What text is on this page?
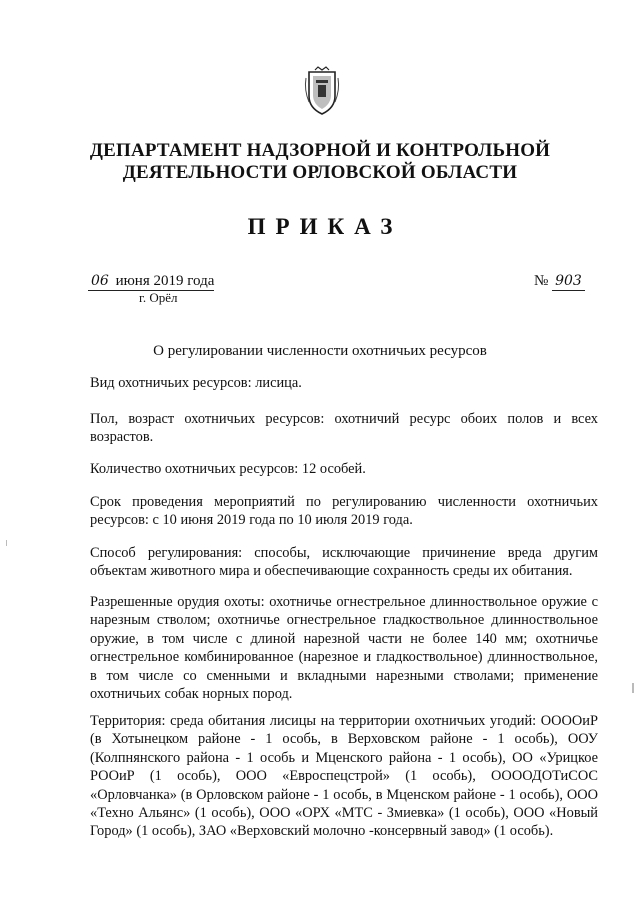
ДЕПАРТАМЕНТ НАДЗОРНОЙ И КОНТРОЛЬНОЙ ДЕЯТЕЛЬНОСТИ ОРЛОВСКОЙ ОБЛАСТИ
ПРИКАЗ
06 июня 2019 года
г. Орёл
№ 903
О регулировании численности охотничьих ресурсов
Вид охотничьих ресурсов: лисица.
Пол, возраст охотничьих ресурсов: охотничий ресурс обоих полов и всех возрастов.
Количество охотничьих ресурсов: 12 особей.
Срок проведения мероприятий по регулированию численности охотничьих ресурсов: с 10 июня 2019 года по 10 июля 2019 года.
Способ регулирования: способы, исключающие причинение вреда другим объектам животного мира и обеспечивающие сохранность среды их обитания.
Разрешенные орудия охоты: охотничье огнестрельное длинноствольное оружие с нарезным стволом; охотничье огнестрельное гладкоствольное длинноствольное оружие, в том числе с длиной нарезной части не более 140 мм; охотничье огнестрельное комбинированное (нарезное и гладкоствольное) длинноствольное, в том числе со сменными и вкладными нарезными стволами; применение охотничьих собак норных пород.
Территория: среда обитания лисицы на территории охотничьих угодий: ООООиР (в Хотынецком районе - 1 особь, в Верховском районе - 1 особь), ООУ (Колпнянского района - 1 особь и Мценского района - 1 особь), ОО «Урицкое РООиР (1 особь), ООО «Евроспецстрой» (1 особь), ООООДОТиСОС «Орловчанка» (в Орловском районе - 1 особь, в Мценском районе - 1 особь), ООО «Техно Альянс» (1 особь), ООО «ОРХ «МТС - Змиевка» (1 особь), ООО «Новый Город» (1 особь), ЗАО «Верховский молочно -консервный завод» (1 особь).
